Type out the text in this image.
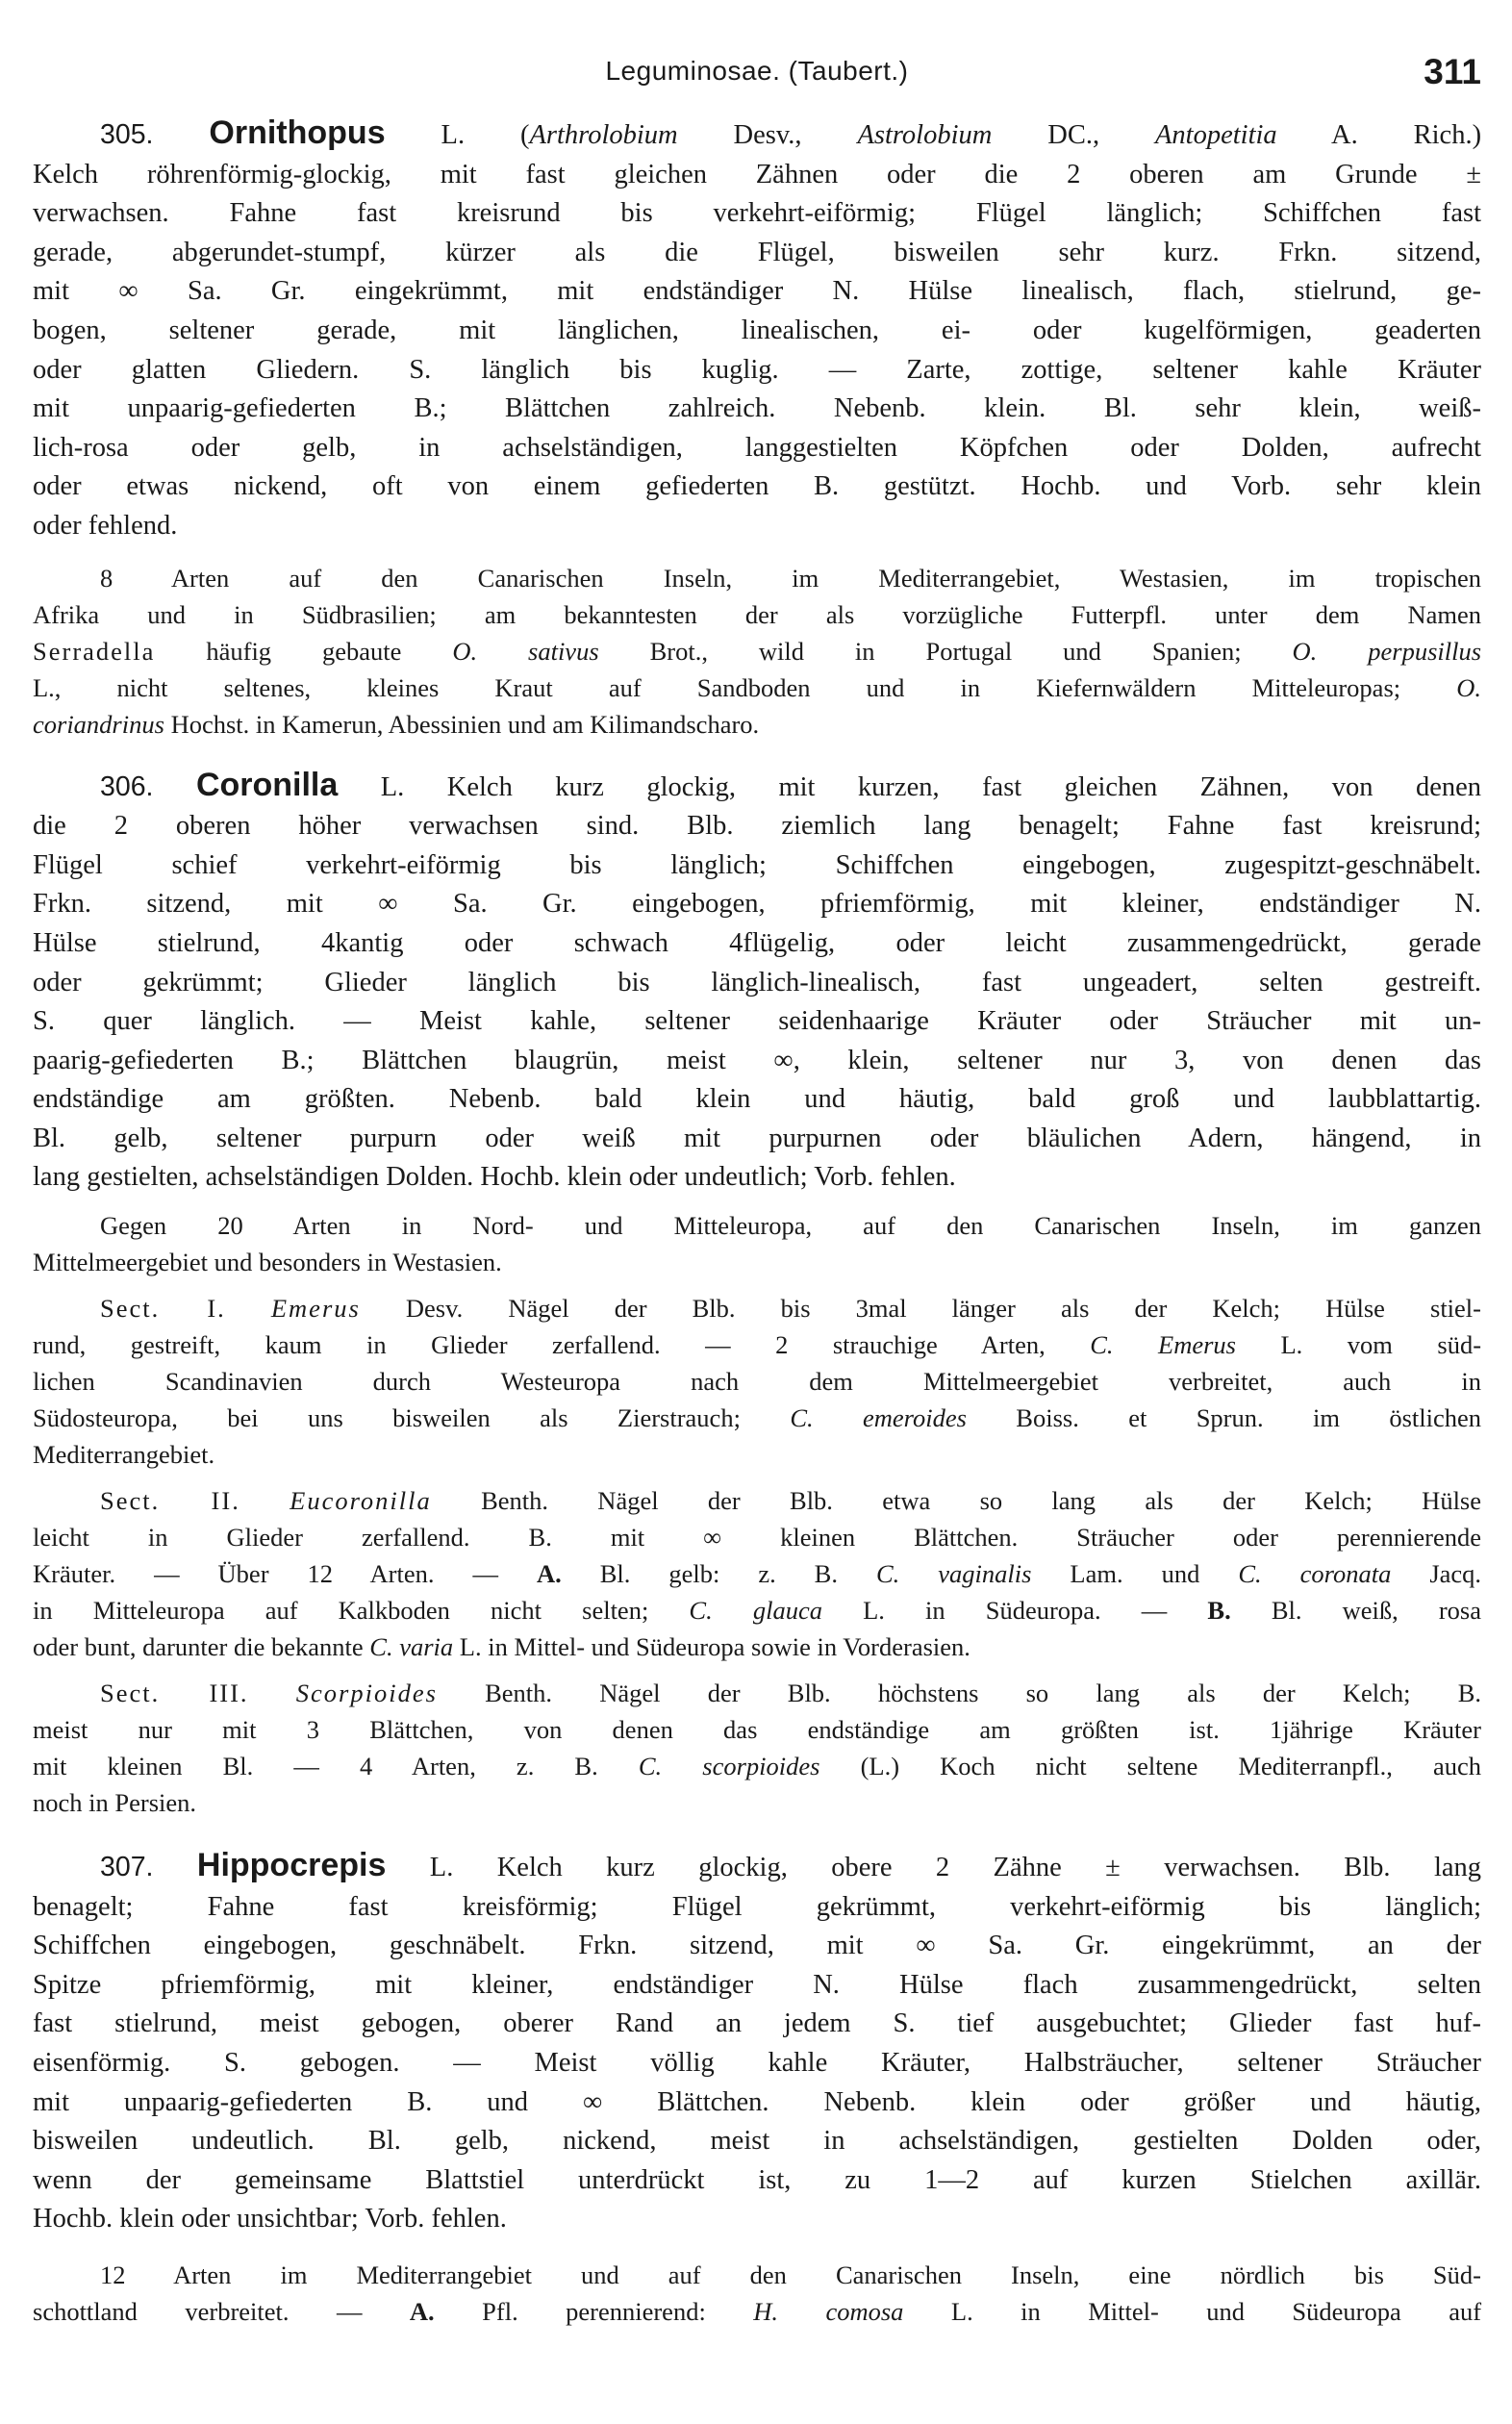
Leguminosae. (Taubert.)	311

305. Ornithopus L. (Arthrolobium Desv., Astrolobium DC., Antopetitia A. Rich.)

Kelch röhrenförmig-glockig, mit fast gleichen Zähnen oder die 2 oberen am Grunde ±

verwachsen. Fahne fast kreisrund bis verkehrt-eiförmig; Flügel länglich; Schiffchen fast

gerade, abgerundet-stumpf, kürzer als die Flügel, bisweilen sehr kurz. Frkn. sitzend,

mit ∞ Sa. Gr. eingekrümmt, mit endständiger N. Hülse linealisch, flach, stielrund, ge-

bogen, seltener gerade, mit länglichen, linealischen, ei- oder kugelförmigen, geaderten

oder glatten Gliedern. S. länglich bis kuglig. — Zarte, zottige, seltener kahle Kräuter

mit unpaarig-gefiederten B.; Blättchen zahlreich. Nebenb. klein. Bl. sehr klein, weiß-

lich-rosa oder gelb, in achselständigen, langgestielten Köpfchen oder Dolden, aufrecht

oder etwas nickend, oft von einem gefiederten B. gestützt. Hochb. und Vorb. sehr klein

oder fehlend.

8 Arten auf den Canarischen Inseln, im Mediterrangebiet, Westasien, im tropischen

Afrika und in Südbrasilien; am bekanntesten der als vorzügliche Futterpfl. unter dem Namen

Serradella häufig gebaute O. sativus Brot., wild in Portugal und Spanien; O. perpusillus

L., nicht seltenes, kleines Kraut auf Sandboden und in Kiefernwäldern Mitteleuropas; O.

coriandrinus Hochst. in Kamerun, Abessinien und am Kilimandscharo.

306. Coronilla L. Kelch kurz glockig, mit kurzen, fast gleichen Zähnen, von denen

die 2 oberen höher verwachsen sind. Blb. ziemlich lang benagelt; Fahne fast kreisrund;

Flügel schief verkehrt-eiförmig bis länglich; Schiffchen eingebogen, zugespitzt-geschnäbelt.

Frkn. sitzend, mit ∞ Sa. Gr. eingebogen, pfriemförmig, mit kleiner, endständiger N.

Hülse stielrund, 4kantig oder schwach 4flügelig, oder leicht zusammengedrückt, gerade

oder gekrümmt; Glieder länglich bis länglich-linealisch, fast ungeadert, selten gestreift.

S. quer länglich. — Meist kahle, seltener seidenhaarige Kräuter oder Sträucher mit un-

paarig-gefiederten B.; Blättchen blaugrün, meist ∞, klein, seltener nur 3, von denen das

endständige am größten. Nebenb. bald klein und häutig, bald groß und laubblattartig.

Bl. gelb, seltener purpurn oder weiß mit purpurnen oder bläulichen Adern, hängend, in

lang gestielten, achselständigen Dolden. Hochb. klein oder undeutlich; Vorb. fehlen.

Gegen 20 Arten in Nord- und Mitteleuropa, auf den Canarischen Inseln, im ganzen

Mittelmeergebiet und besonders in Westasien.

Sect. I. Emerus Desv. Nägel der Blb. bis 3mal länger als der Kelch; Hülse stiel-

rund, gestreift, kaum in Glieder zerfallend. — 2 strauchige Arten, C. Emerus L. vom süd-

lichen Scandinavien durch Westeuropa nach dem Mittelmeergebiet verbreitet, auch in

Südosteuropa, bei uns bisweilen als Zierstrauch; C. emeroides Boiss. et Sprun. im östlichen

Mediterrangebiet.

Sect. II. Eucoronilla Benth. Nägel der Blb. etwa so lang als der Kelch; Hülse

leicht in Glieder zerfallend. B. mit ∞ kleinen Blättchen. Sträucher oder perennierende

Kräuter. — Über 12 Arten. — A. Bl. gelb: z. B. C. vaginalis Lam. und C. coronata Jacq.

in Mitteleuropa auf Kalkboden nicht selten; C. glauca L. in Südeuropa. — B. Bl. weiß, rosa

oder bunt, darunter die bekannte C. varia L. in Mittel- und Südeuropa sowie in Vorderasien.

Sect. III. Scorpioides Benth. Nägel der Blb. höchstens so lang als der Kelch; B.

meist nur mit 3 Blättchen, von denen das endständige am größten ist. 1jährige Kräuter

mit kleinen Bl. — 4 Arten, z. B. C. scorpioides (L.) Koch nicht seltene Mediterranpfl., auch

noch in Persien.

307. Hippocrepis L. Kelch kurz glockig, obere 2 Zähne ± verwachsen. Blb. lang

benagelt; Fahne fast kreisförmig; Flügel gekrümmt, verkehrt-eiförmig bis länglich;

Schiffchen eingebogen, geschnäbelt. Frkn. sitzend, mit ∞ Sa. Gr. eingekrümmt, an der

Spitze pfriemförmig, mit kleiner, endständiger N. Hülse flach zusammengedrückt, selten

fast stielrund, meist gebogen, oberer Rand an jedem S. tief ausgebuchtet; Glieder fast huf-

eisenförmig. S. gebogen. — Meist völlig kahle Kräuter, Halbsträucher, seltener Sträucher

mit unpaarig-gefiederten B. und ∞ Blättchen. Nebenb. klein oder größer und häutig,

bisweilen undeutlich. Bl. gelb, nickend, meist in achselständigen, gestielten Dolden oder,

wenn der gemeinsame Blattstiel unterdrückt ist, zu 1—2 auf kurzen Stielchen axillär.

Hochb. klein oder unsichtbar; Vorb. fehlen.

12 Arten im Mediterrangebiet und auf den Canarischen Inseln, eine nördlich bis Süd-

schottland verbreitet. — A. Pfl. perennierend: H. comosa L. in Mittel- und Südeuropa auf
